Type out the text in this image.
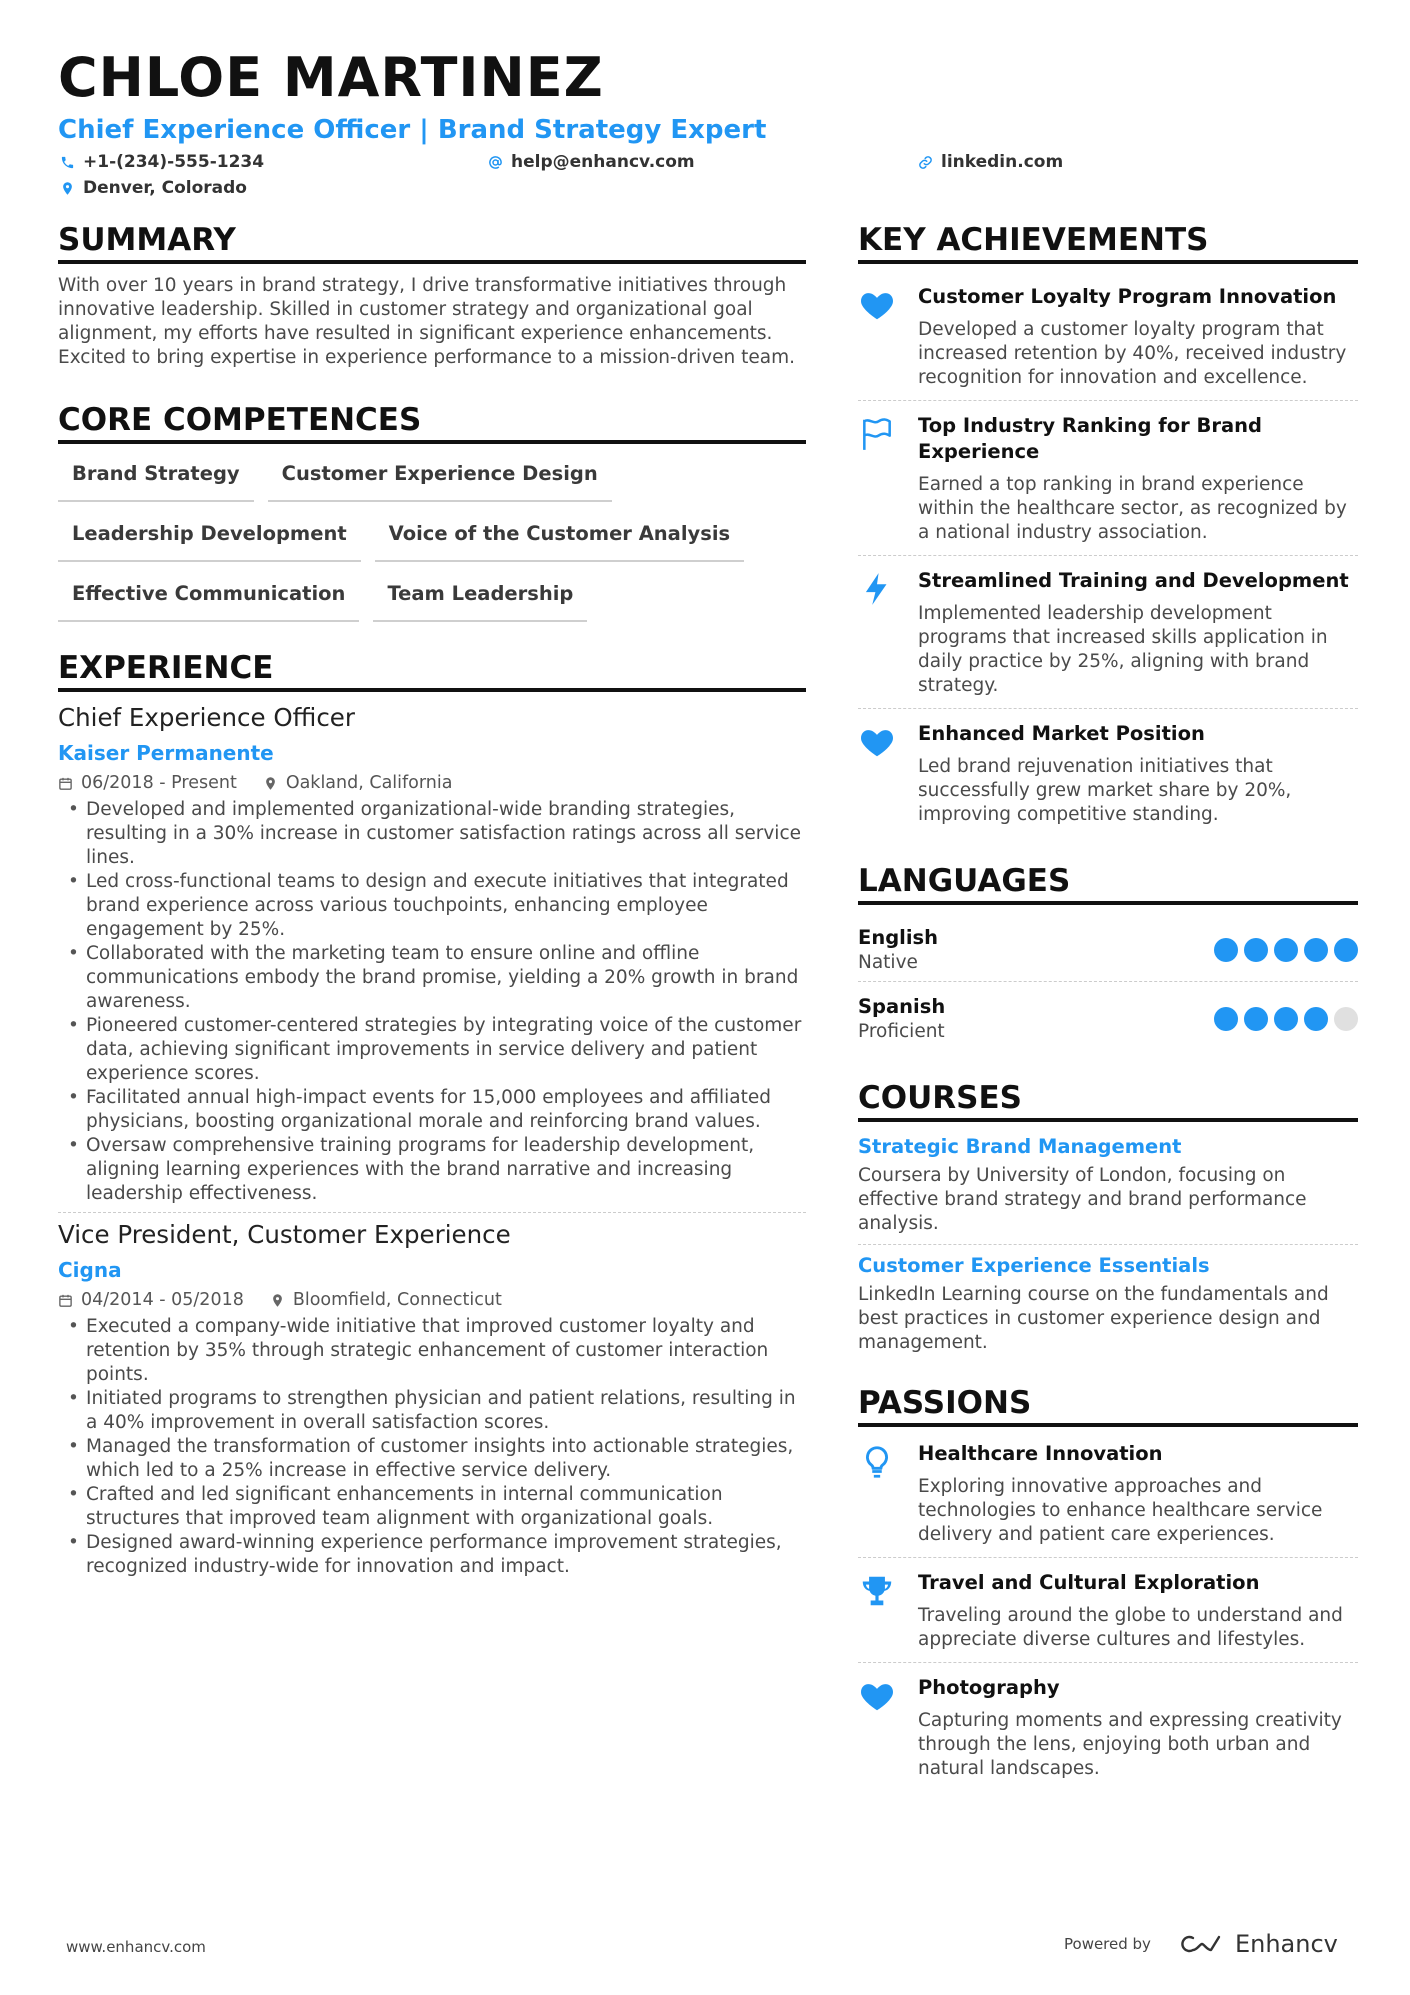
CHLOE MARTINEZ
Chief Experience Officer | Brand Strategy Expert
+1-(234)-555-1234	help@enhancv.com	linkedin.com
Denver, Colorado
SUMMARY
With over 10 years in brand strategy, I drive transformative initiatives through innovative leadership. Skilled in customer strategy and organizational goal alignment, my efforts have resulted in significant experience enhancements. Excited to bring expertise in experience performance to a mission-driven team.
CORE COMPETENCES
Brand Strategy	Customer Experience Design
Leadership Development	Voice of the Customer Analysis
Effective Communication	Team Leadership
EXPERIENCE
Chief Experience Officer
Kaiser Permanente
06/2018 - Present	Oakland, California
• Developed and implemented organizational-wide branding strategies, resulting in a 30% increase in customer satisfaction ratings across all service lines.
• Led cross-functional teams to design and execute initiatives that integrated brand experience across various touchpoints, enhancing employee engagement by 25%.
• Collaborated with the marketing team to ensure online and offline communications embody the brand promise, yielding a 20% growth in brand awareness.
• Pioneered customer-centered strategies by integrating voice of the customer data, achieving significant improvements in service delivery and patient experience scores.
• Facilitated annual high-impact events for 15,000 employees and affiliated physicians, boosting organizational morale and reinforcing brand values.
• Oversaw comprehensive training programs for leadership development, aligning learning experiences with the brand narrative and increasing leadership effectiveness.
Vice President, Customer Experience
Cigna
04/2014 - 05/2018	Bloomfield, Connecticut
• Executed a company-wide initiative that improved customer loyalty and retention by 35% through strategic enhancement of customer interaction points.
• Initiated programs to strengthen physician and patient relations, resulting in a 40% improvement in overall satisfaction scores.
• Managed the transformation of customer insights into actionable strategies, which led to a 25% increase in effective service delivery.
• Crafted and led significant enhancements in internal communication structures that improved team alignment with organizational goals.
• Designed award-winning experience performance improvement strategies, recognized industry-wide for innovation and impact.
KEY ACHIEVEMENTS
Customer Loyalty Program Innovation
Developed a customer loyalty program that increased retention by 40%, received industry recognition for innovation and excellence.
Top Industry Ranking for Brand Experience
Earned a top ranking in brand experience within the healthcare sector, as recognized by a national industry association.
Streamlined Training and Development
Implemented leadership development programs that increased skills application in daily practice by 25%, aligning with brand strategy.
Enhanced Market Position
Led brand rejuvenation initiatives that successfully grew market share by 20%, improving competitive standing.
LANGUAGES
English
Native
Spanish
Proficient
COURSES
Strategic Brand Management
Coursera by University of London, focusing on effective brand strategy and brand performance analysis.
Customer Experience Essentials
LinkedIn Learning course on the fundamentals and best practices in customer experience design and management.
PASSIONS
Healthcare Innovation
Exploring innovative approaches and technologies to enhance healthcare service delivery and patient care experiences.
Travel and Cultural Exploration
Traveling around the globe to understand and appreciate diverse cultures and lifestyles.
Photography
Capturing moments and expressing creativity through the lens, enjoying both urban and natural landscapes.
www.enhancv.com	Powered by	Enhancv
